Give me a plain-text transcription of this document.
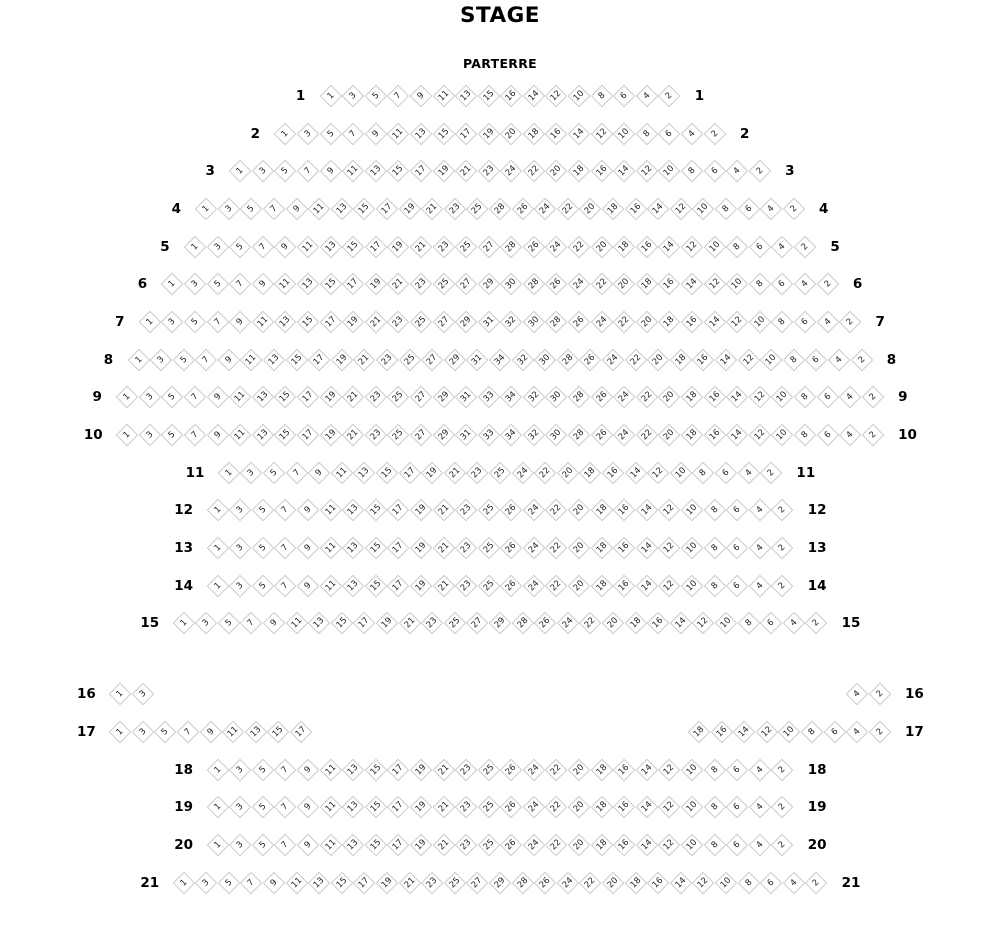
STAGE
PARTERRE
1	1 3 5 7 9 11 13 15 16 14 12 10 8 6 4 2	1
2	1 3 5 7 9 11 13 15 17 19 20 18 16 14 12 10 8 6 4 2	2
3	1 3 5 7 9 11 13 15 17 19 21 23 24 22 20 18 16 14 12 10 8 6 4 2	3
4	1 3 5 7 9 11 13 15 17 19 21 23 25 28 26 24 22 20 18 16 14 12 10 8 6 4 2	4
5	1 3 5 7 9 11 13 15 17 19 21 23 25 27 28 26 24 22 20 18 16 14 12 10 8 6 4 2	5
6	1 3 5 7 9 11 13 15 17 19 21 23 25 27 29 30 28 26 24 22 20 18 16 14 12 10 8 6 4 2	6
7	1 3 5 7 9 11 13 15 17 19 21 23 25 27 29 31 32 30 28 26 24 22 20 18 16 14 12 10 8 6 4 2	7
8	1 3 5 7 9 11 13 15 17 19 21 23 25 27 29 31 34 32 30 28 26 24 22 20 18 16 14 12 10 8 6 4 2	8
9	1 3 5 7 9 11 13 15 17 19 21 23 25 27 29 31 33 34 32 30 28 26 24 22 20 18 16 14 12 10 8 6 4 2	9
10	1 3 5 7 9 11 13 15 17 19 21 23 25 27 29 31 33 34 32 30 28 26 24 22 20 18 16 14 12 10 8 6 4 2	10
11	1 3 5 7 9 11 13 15 17 19 21 23 25 24 22 20 18 16 14 12 10 8 6 4 2	11
12	1 3 5 7 9 11 13 15 17 19 21 23 25 26 24 22 20 18 16 14 12 10 8 6 4 2	12
13	1 3 5 7 9 11 13 15 17 19 21 23 25 26 24 22 20 18 16 14 12 10 8 6 4 2	13
14	1 3 5 7 9 11 13 15 17 19 21 23 25 26 24 22 20 18 16 14 12 10 8 6 4 2	14
15	1 3 5 7 9 11 13 15 17 19 21 23 25 27 29 28 26 24 22 20 18 16 14 12 10 8 6 4 2	15
16	1 3	4 2	16
17	1 3 5 7 9 11 13 15 17	18 16 14 12 10 8 6 4 2	17
18	1 3 5 7 9 11 13 15 17 19 21 23 25 26 24 22 20 18 16 14 12 10 8 6 4 2	18
19	1 3 5 7 9 11 13 15 17 19 21 23 25 26 24 22 20 18 16 14 12 10 8 6 4 2	19
20	1 3 5 7 9 11 13 15 17 19 21 23 25 26 24 22 20 18 16 14 12 10 8 6 4 2	20
21	1 3 5 7 9 11 13 15 17 19 21 23 25 27 29 28 26 24 22 20 18 16 14 12 10 8 6 4 2	21
